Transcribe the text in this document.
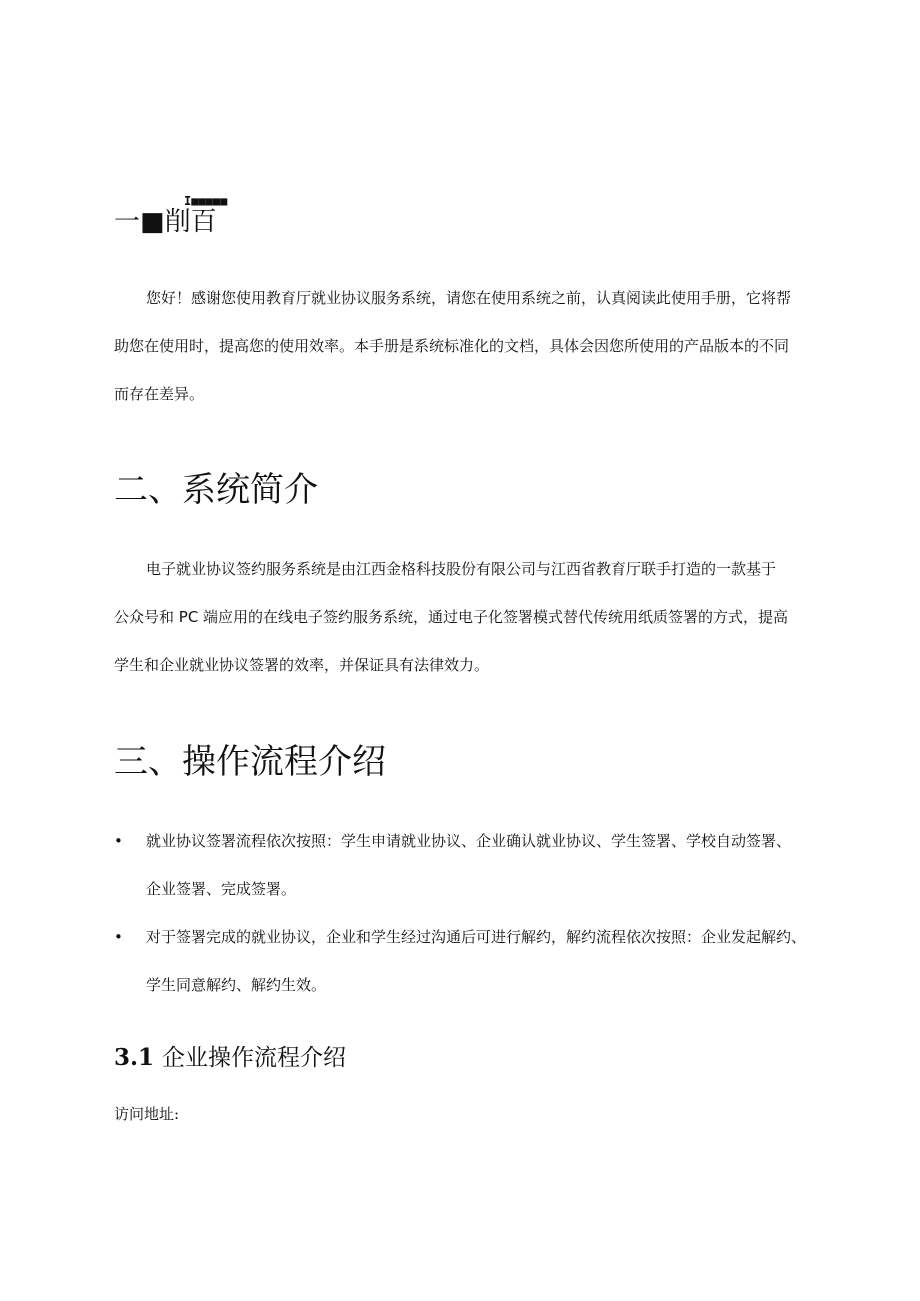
I■■■■■
一■削百
您好！感谢您使用教育厅就业协议服务系统，请您在使用系统之前，认真阅读此使用手册，它将帮
助您在使用时，提高您的使用效率。本手册是系统标准化的文档，具体会因您所使用的产品版本的不同
而存在差异。
二、系统简介
电子就业协议签约服务系统是由江西金格科技股份有限公司与江西省教育厅联手打造的一款基于
公众号和 PC 端应用的在线电子签约服务系统，通过电子化签署模式替代传统用纸质签署的方式，提高
学生和企业就业协议签署的效率，并保证具有法律效力。
三、操作流程介绍
• 就业协议签署流程依次按照：学生申请就业协议、企业确认就业协议、学生签署、学校自动签署、
企业签署、完成签署。
• 对于签署完成的就业协议，企业和学生经过沟通后可进行解约，解约流程依次按照：企业发起解约、
学生同意解约、解约生效。
3.1 企业操作流程介绍
访问地址:
